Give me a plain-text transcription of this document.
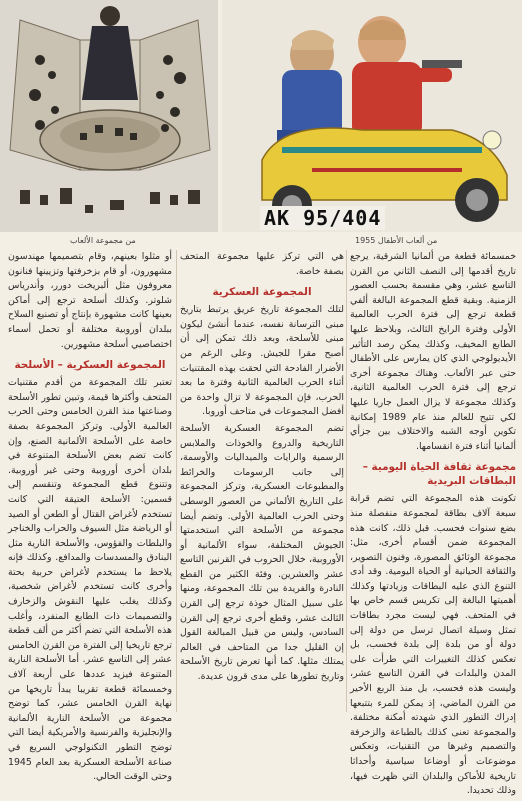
AK 95/404
من مجموعة الألعاب	من ألعاب الأطفال 1955

خمسمائة قطعة من ألمانيا الشرقية، يرجع تاريخ أقدمها إلى النصف الثاني من القرن التاسع عشر، وهي مقسمة بحسب العصور الزمنية. وبقية قطع المجموعة البالغة ألفي قطعة ترجع إلى فترة الحرب العالمية الأولى وفترة الرايخ الثالث، وبلاحظ عليها الطابع المخيف، وكذلك يمكن رصد التأثير الأيديولوجي الذي كان يمارس على الأطفال حتى عبر الألعاب. وهناك مجموعة أخرى ترجع إلى فترة الحرب العالمية الثانية، وكذلك مجموعة لا يزال العمل جاريا عليها لكي تتيح للعالم منذ عام 1989 إمكانية تكوين أوجه الشبه والاختلاف بين جزأي ألمانيا أثناء فترة انقسامها.

مجموعة ثقافة الحياة اليومية – البطاقات البريدية

تكونت هذه المجموعة التي تضم قرابة سبعة آلاف بطاقة لمجموعة منفصلة منذ بضع سنوات فحسب. قبل ذلك، كانت هذه المجموعة ضمن أقسام أخرى، مثل: مجموعة الوثائق المصورة، وفنون التصوير، والثقافة الحياتية أو الحياة اليومية. وقد أدى التنوع الذي عليه البطاقات وزيادتها وكذلك أهميتها البالغة إلى تكريس قسم خاص بها في المتحف. فهي ليست مجرد بطاقات تمثل وسيلة اتصال ترسل من دولة إلى دولة أو من بلدة إلى بلدة فحسب، بل تعكس كذلك التغييرات التي طرأت على المدن والبلدات في القرن التاسع عشر، وليست هذه فحسب، بل منذ الربع الأخير من القرن الماضي، إذ يمكن للمرء بتتبعها إدراك التطور الذي شهدته أمكنة مختلفة. والمجموعة تعنى كذلك بالطباعة والزخرفة والتصميم وغيرها من التقنيات، وتعكس موضوعات أو أوضاعا سياسية وأحداثا تاريخية للأماكن والبلدان التي ظهرت فيها، وذلك تحديدا.

هي التي تركز عليها مجموعة المتحف بصفة خاصة.

المجموعة العسكرية

لتلك المجموعة تاريخ عريق يرتبط بتاريخ مبنى الترسانة نفسه، عندما أنشئ ليكون مبنى للأسلحة، وبعد ذلك تمكن إلى أن أصبح مقرا للجيش. وعلى الرغم من الأضرار الفادحة التي لحقت بهذه المقتنيات أثناء الحرب العالمية الثانية وفترة ما بعد الحرب، فإن المجموعة لا تزال واحدة من أفضل المجموعات في متاحف أوروبا.

تضم المجموعة العسكرية الأسلحة التاريخية والدروع والخوذات والملابس الرسمية والرايات والميداليات والأوسمة، إلى جانب الرسومات والخرائط والمطبوعات العسكرية، وتركز المجموعة على التاريخ الألماني من العصور الوسطى وحتى الحرب العالمية الأولى. وتضم أيضا مجموعة من الأسلحة التي استخدمتها الجيوش المختلفة، سواء الألمانية أو الأوروبية، خلال الحروب في القرنين التاسع عشر والعشرين. وفئة الكثير من القطع النادرة والفريدة بين تلك المجموعة، ومنها على سبيل المثال خوذة ترجع إلى القرن الثالث عشر، وقطع أخرى ترجع إلى القرن السادس، وليس من قبيل المبالغة القول إن القليل جدا من المتاحف في العالم يمتلك مثلها. كما أنها تعرض تاريخ الأسلحة وتاريخ تطورها على مدى قرون عديدة.

أو مثلوا بعينهم، وقام بتصميمها مهندسون مشهورون، أو قام بزخرفتها وتزيينها فنانون معروفون مثل ألبريخت دورر، وأندرياس شلوتر. وكذلك أسلحة ترجع إلى أماكن بعينها كانت مشهورة بإنتاج أو تصنيع السلاح ببلدان أوروبية مختلفة أو تحمل أسماء اختصاصيي أسلحة مشهورين.

المجموعة العسكرية – الأسلحة

تعتبر تلك المجموعة من أقدم مقتنيات المتحف وأكثرها قيمة، وتبين تطور الأسلحة وصناعتها منذ القرن الخامس وحتى الحرب العالمية الأولى. وتركز المجموعة بصفة خاصة على الأسلحة الألمانية الصنع، وإن كانت تضم بعض الأسلحة المتنوعة في بلدان أخرى أوروبية وحتى غير أوروبية. وتتنوع قطع المجموعة وتنقسم إلى قسمين: الأسلحة العتيقة التي كانت تستخدم لأغراض القتال أو الطعن أو الصيد أو الرياضة مثل السيوف والحراب والخناجر والبلطات والفؤوس، والأسلحة النارية مثل البنادق والمسدسات والمدافع. وكذلك فإنه يلاحظ ما يستخدم لأغراض حربية بحتة وأخرى كانت تستخدم لأغراض شخصية، وكذلك يغلب عليها النقوش والزخارف والتصميمات ذات الطابع المنفرد، وأغلب هذه الأسلحة التي تضم أكثر من ألف قطعة ترجع تاريخيا إلى الفترة من القرن الخامس عشر إلى التاسع عشر. أما الأسلحة النارية المتنوعة فيزيد عددها على أربعة آلاف وخمسمائة قطعة تقريبا يبدأ تاريخها من نهاية القرن الخامس عشر، كما توضح مجموعة من الأسلحة النارية الألمانية والإنجليزية والفرنسية والأمريكية أيضا التي توضح التطور التكنولوجي السريع في صناعة الأسلحة العسكرية بعد العام 1945 وحتى الوقت الحالي.
